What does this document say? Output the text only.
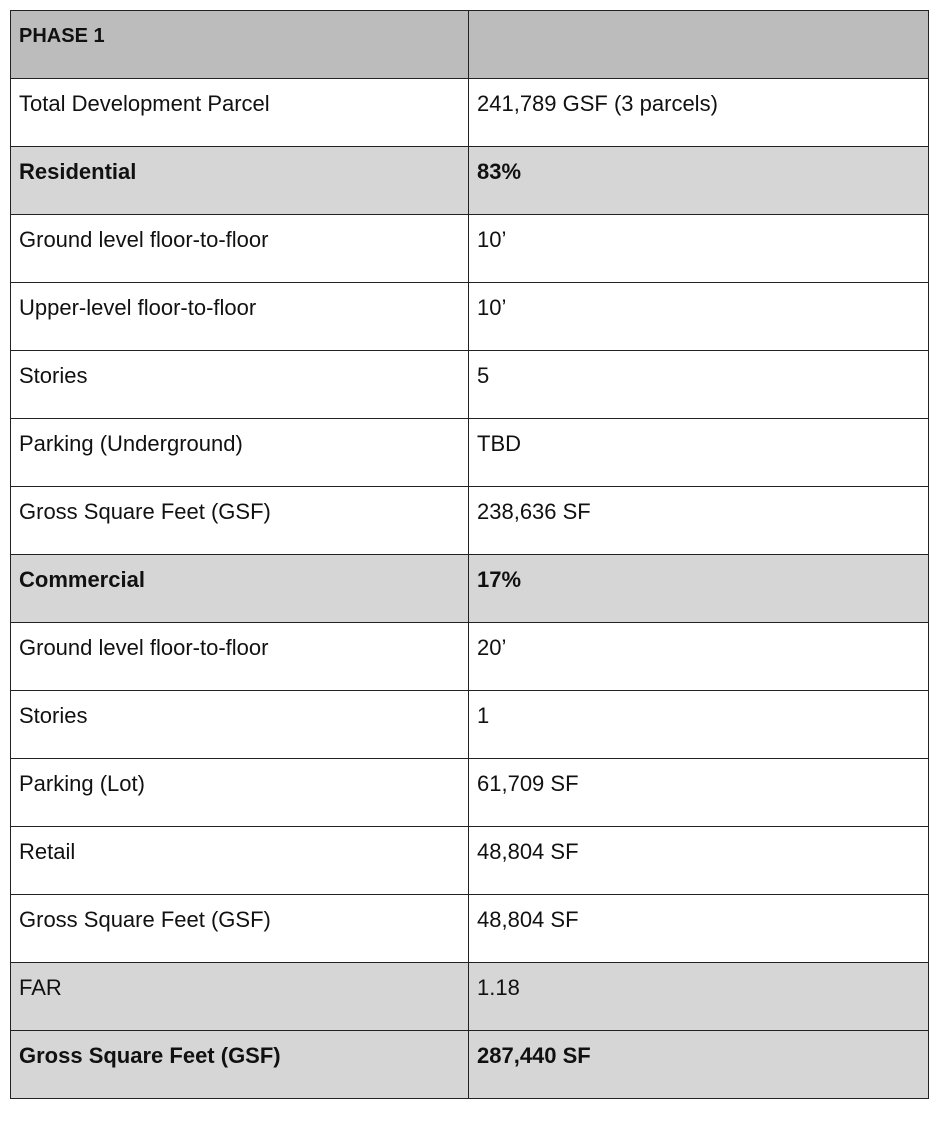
PHASE 1	
Total Development Parcel	241,789 GSF (3 parcels)
Residential	83%
Ground level floor-to-floor	10’
Upper-level floor-to-floor	10’
Stories	5
Parking (Underground)	TBD
Gross Square Feet (GSF)	238,636 SF
Commercial	17%
Ground level floor-to-floor	20’
Stories	1
Parking (Lot)	61,709 SF
Retail	48,804 SF
Gross Square Feet (GSF)	48,804 SF
FAR	1.18
Gross Square Feet (GSF)	287,440 SF
